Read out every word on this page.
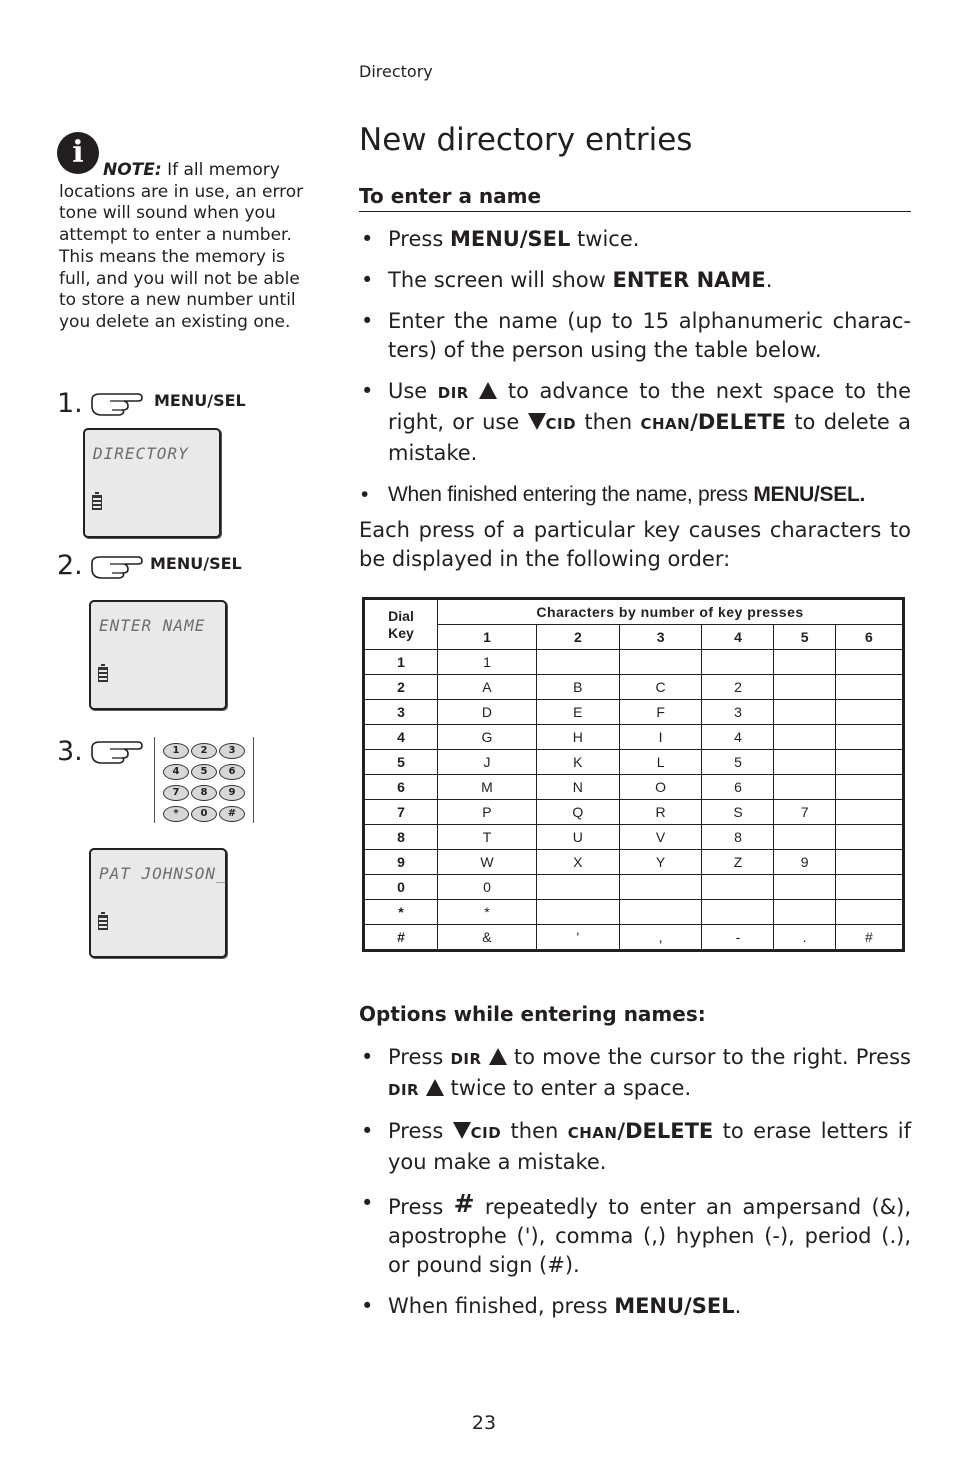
Directory
i	NOTE: If all memory locations are in use, an error tone will sound when you attempt to enter a number. This means the memory is full, and you will not be able to store a new number until you delete an existing one.

1.	MENU/SEL
DIRECTORY
2.	MENU/SEL
ENTER NAME
3.	1	2	3
4	5	6
7	8	9
*	0	#
PAT JOHNSON_
New directory entries
To enter a name
• Press MENU/SEL twice.
• The screen will show ENTER NAME.
• Enter the name (up to 15 alphanumeric charac-ters) of the person using the table below.
• Use DIR  to advance to the next space to the right, or use CID then CHAN/DELETE to delete a mistake.
• When finished entering the name, press MENU/SEL.

Each press of a particular key causes characters to be displayed in the following order:

Dial
Key	Characters by number of key presses					
	1	2	3	4	5	6
1	1					
2	A	B	C	2		
3	D	E	F	3		
4	G	H	I	4		
5	J	K	L	5		
6	M	N	O	6		
7	P	Q	R	S	7	
8	T	U	V	8		
9	W	X	Y	Z	9	
0	0					
*	*					
#	&	'	,	-	.	#
Options while entering names:
• Press DIR  to move the cursor to the right. Press DIR  twice to enter a space.
• Press CID then CHAN/DELETE to erase letters if you make a mistake.
• Press # repeatedly to enter an ampersand (&), apostrophe ('), comma (,) hyphen (-), period (.), or pound sign (#).
• When finished, press MENU/SEL.
23
